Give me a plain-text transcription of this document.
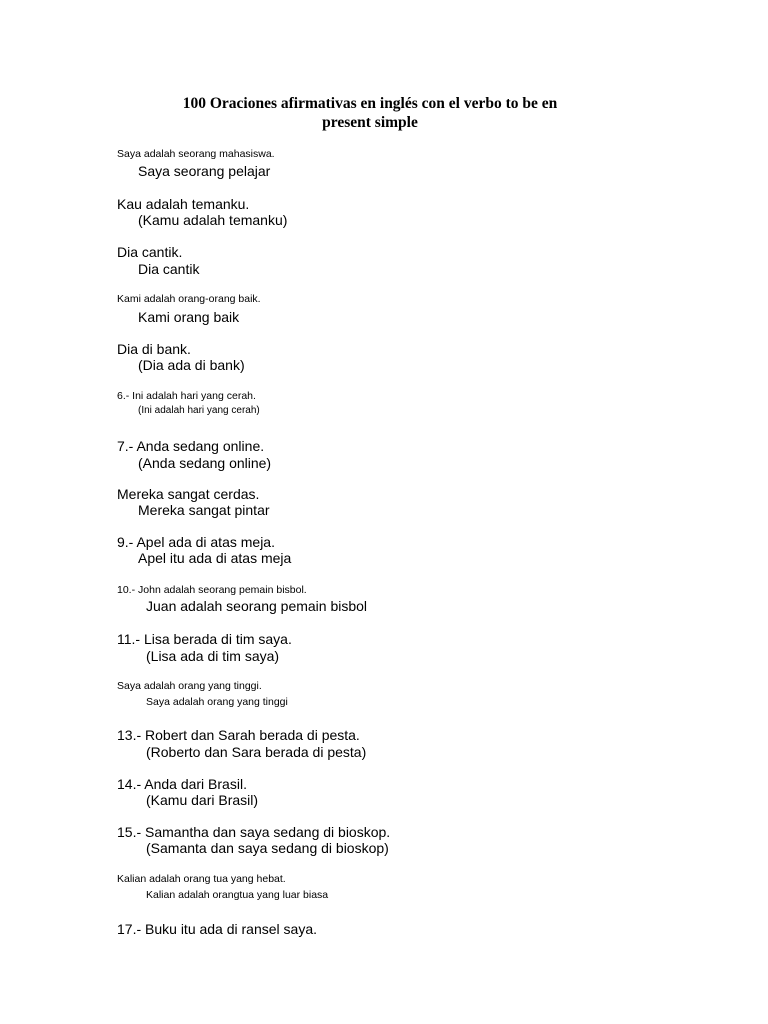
100 Oraciones afirmativas en inglés con el verbo to be en
present simple
Saya adalah seorang mahasiswa.
Saya seorang pelajar
Kau adalah temanku.
(Kamu adalah temanku)
Dia cantik.
Dia cantik
Kami adalah orang-orang baik.
Kami orang baik
Dia di bank.
(Dia ada di bank)
6.- Ini adalah hari yang cerah.
(Ini adalah hari yang cerah)
7.- Anda sedang online.
(Anda sedang online)
Mereka sangat cerdas.
Mereka sangat pintar
9.- Apel ada di atas meja.
Apel itu ada di atas meja
10.- John adalah seorang pemain bisbol.
Juan adalah seorang pemain bisbol
11.- Lisa berada di tim saya.
(Lisa ada di tim saya)
Saya adalah orang yang tinggi.
Saya adalah orang yang tinggi
13.- Robert dan Sarah berada di pesta.
(Roberto dan Sara berada di pesta)
14.- Anda dari Brasil.
(Kamu dari Brasil)
15.- Samantha dan saya sedang di bioskop.
(Samanta dan saya sedang di bioskop)
Kalian adalah orang tua yang hebat.
Kalian adalah orangtua yang luar biasa
17.- Buku itu ada di ransel saya.
